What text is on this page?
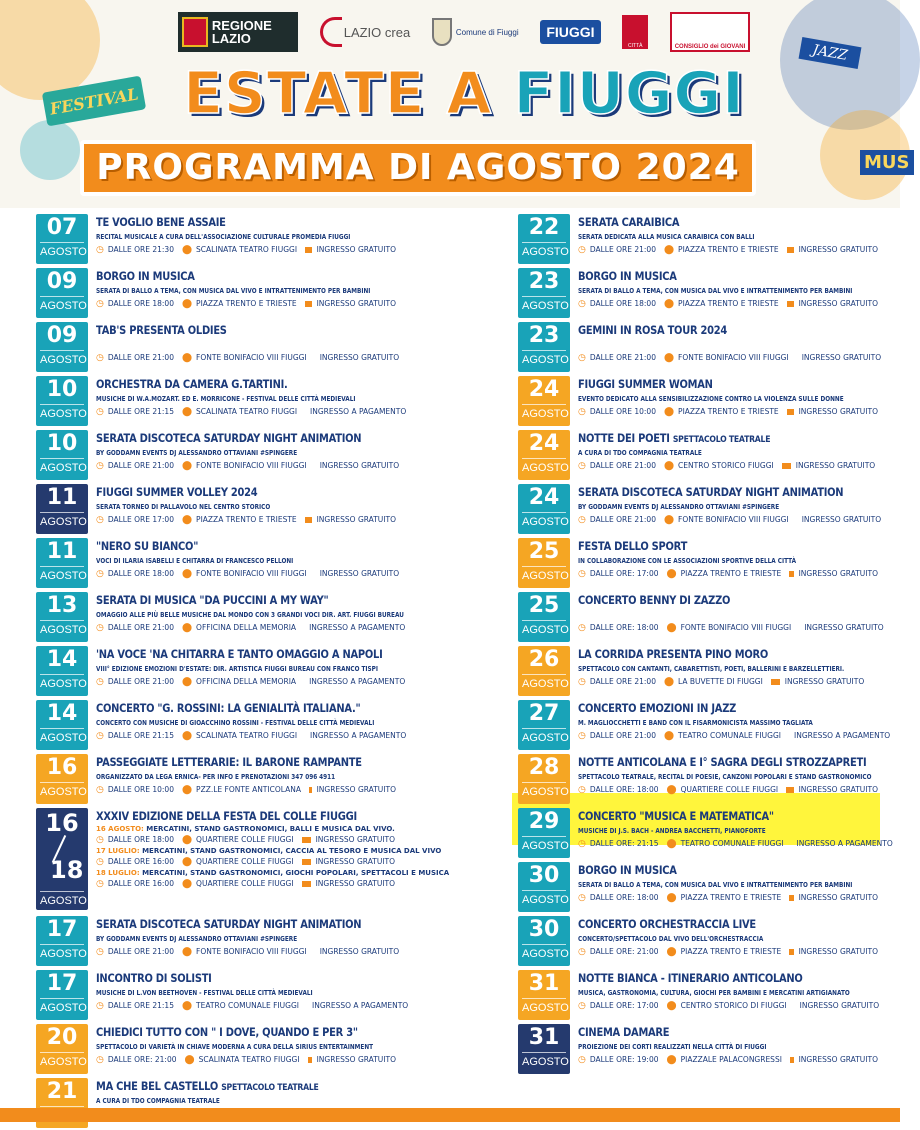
FESTIVAL
JAZZ
MUS
REGIONE LAZIO	LAZIO crea	Comune di Fiuggi	FIUGGI
CITTÀ	CONSIGLIO dei GIOVANI
ESTATE A FIUGGI
PROGRAMMA DI AGOSTO 2024
07
AGOSTO
TE VOGLIO BENE ASSAIE
RECITAL MUSICALE A CURA DELL'ASSOCIAZIONE CULTURALE PROMEDIA FIUGGI
◷ DALLE ORE 21:30 ⬤ SCALINATA TEATRO FIUGGI	INGRESSO GRATUITO
09
AGOSTO
BORGO IN MUSICA
SERATA DI BALLO A TEMA, CON MUSICA DAL VIVO E INTRATTENIMENTO PER BAMBINI
◷ DALLE ORE 18:00 ⬤ PIAZZA TRENTO E TRIESTE	INGRESSO GRATUITO
09
AGOSTO
TAB'S PRESENTA OLDIES
◷ DALLE ORE 21:00 ⬤ FONTE BONIFACIO VIII FIUGGI INGRESSO GRATUITO
10
AGOSTO
ORCHESTRA DA CAMERA G.TARTINI.
MUSICHE DI W.A.MOZART. ED E. MORRICONE - FESTIVAL DELLE CITTÀ MEDIEVALI
◷ DALLE ORE 21:15 ⬤ SCALINATA TEATRO FIUGGI INGRESSO A PAGAMENTO
10
AGOSTO
SERATA DISCOTECA SATURDAY NIGHT ANIMATION
BY GODDAMN EVENTS DJ ALESSANDRO OTTAVIANI #SPINGERE
◷ DALLE ORE 21:00 ⬤ FONTE BONIFACIO VIII FIUGGI INGRESSO GRATUITO
11
AGOSTO
FIUGGI SUMMER VOLLEY 2024
SERATA TORNEO DI PALLAVOLO NEL CENTRO STORICO
◷ DALLE ORE 17:00 ⬤ PIAZZA TRENTO E TRIESTE	INGRESSO GRATUITO
11
AGOSTO
"NERO SU BIANCO"
VOCI DI ILARIA ISABELLI E CHITARRA DI FRANCESCO PELLONI
◷ DALLE ORE 18:00 ⬤ FONTE BONIFACIO VIII FIUGGI INGRESSO GRATUITO
13
AGOSTO
SERATA DI MUSICA "DA PUCCINI A MY WAY"
OMAGGIO ALLE PIÙ BELLE MUSICHE DAL MONDO CON 3 GRANDI VOCI DIR. ART. FIUGGI BUREAU
◷ DALLE ORE 21:00 ⬤ OFFICINA DELLA MEMORIA INGRESSO A PAGAMENTO
14
AGOSTO
'NA VOCE 'NA CHITARRA E TANTO OMAGGIO A NAPOLI
VIII° EDIZIONE EMOZIONI D'ESTATE: DIR. ARTISTICA FIUGGI BUREAU CON FRANCO TISPI
◷ DALLE ORE 21:00 ⬤ OFFICINA DELLA MEMORIA INGRESSO A PAGAMENTO
14
AGOSTO
CONCERTO "G. ROSSINI: LA GENIALITÀ ITALIANA."
CONCERTO CON MUSICHE DI GIOACCHINO ROSSINI - FESTIVAL DELLE CITTÀ MEDIEVALI
◷ DALLE ORE 21:15 ⬤ SCALINATA TEATRO FIUGGI INGRESSO A PAGAMENTO
16
AGOSTO
PASSEGGIATE LETTERARIE: IL BARONE RAMPANTE
ORGANIZZATO DA LEGA ERNICA- PER INFO E PRENOTAZIONI 347 096 4911
◷ DALLE ORE 10:00 ⬤ PZZ.LE FONTE ANTICOLANA INGRESSO GRATUITO
16
18
AGOSTO
XXXIV EDIZIONE DELLA FESTA DEL COLLE FIUGGI
16 AGOSTO: MERCATINI, STAND GASTRONOMICI, BALLI E MUSICA DAL VIVO.
◷ DALLE ORE 18:00 ⬤ QUARTIERE COLLE FIUGGI	INGRESSO GRATUITO
17 LUGLIO: MERCATINI, STAND GASTRONOMICI, CACCIA AL TESORO E MUSICA DAL VIVO
◷ DALLE ORE 16:00 ⬤ QUARTIERE COLLE FIUGGI	INGRESSO GRATUITO
18 LUGLIO: MERCATINI, STAND GASTRONOMICI, GIOCHI POPOLARI, SPETTACOLI E MUSICA
◷ DALLE ORE 16:00 ⬤ QUARTIERE COLLE FIUGGI	INGRESSO GRATUITO
17
AGOSTO
SERATA DISCOTECA SATURDAY NIGHT ANIMATION
BY GODDAMN EVENTS DJ ALESSANDRO OTTAVIANI #SPINGERE
◷ DALLE ORE 21:00 ⬤ FONTE BONIFACIO VIII FIUGGI INGRESSO GRATUITO
17
AGOSTO
INCONTRO DI SOLISTI
MUSICHE DI L.VON BEETHOVEN - FESTIVAL DELLE CITTÀ MEDIEVALI
◷ DALLE ORE 21:15 ⬤ TEATRO COMUNALE FIUGGI INGRESSO A PAGAMENTO
20
AGOSTO
CHIEDICI TUTTO CON " I DOVE, QUANDO E PER 3"
SPETTACOLO DI VARIETÀ IN CHIAVE MODERNA A CURA DELLA SIRIUS ENTERTAINMENT
◷ DALLE ORE: 21:00 ⬤ SCALINATA TEATRO FIUGGI INGRESSO GRATUITO
21	MA CHE BEL CASTELLO SPETTACOLO TEATRALE
A CURA DI TDO COMPAGNIA TEATRALE
22
AGOSTO
SERATA CARAIBICA
SERATA DEDICATA ALLA MUSICA CARAIBICA CON BALLI
◷ DALLE ORE 21:00 ⬤ PIAZZA TRENTO E TRIESTE	INGRESSO GRATUITO
23
AGOSTO
BORGO IN MUSICA
SERATA DI BALLO A TEMA, CON MUSICA DAL VIVO E INTRATTENIMENTO PER BAMBINI
◷ DALLE ORE 18:00 ⬤ PIAZZA TRENTO E TRIESTE	INGRESSO GRATUITO
23
AGOSTO
GEMINI IN ROSA TOUR 2024
◷ DALLE ORE 21:00 ⬤ FONTE BONIFACIO VIII FIUGGI INGRESSO GRATUITO
24
AGOSTO
FIUGGI SUMMER WOMAN
EVENTO DEDICATO ALLA SENSIBILIZZAZIONE CONTRO LA VIOLENZA SULLE DONNE
◷ DALLE ORE 10:00 ⬤ PIAZZA TRENTO E TRIESTE	INGRESSO GRATUITO
24
AGOSTO
NOTTE DEI POETI SPETTACOLO TEATRALE
A CURA DI TDO COMPAGNIA TEATRALE
◷ DALLE ORE 21:00 ⬤ CENTRO STORICO FIUGGI	INGRESSO GRATUITO
24
AGOSTO
SERATA DISCOTECA SATURDAY NIGHT ANIMATION
BY GODDAMN EVENTS DJ ALESSANDRO OTTAVIANI #SPINGERE
◷ DALLE ORE 21:00 ⬤ FONTE BONIFACIO VIII FIUGGI INGRESSO GRATUITO
25
AGOSTO
FESTA DELLO SPORT
IN COLLABORAZIONE CON LE ASSOCIAZIONI SPORTIVE DELLA CITTÀ
◷ DALLE ORE: 17:00 ⬤ PIAZZA TRENTO E TRIESTE INGRESSO GRATUITO
25
AGOSTO
CONCERTO BENNY DI ZAZZO
◷ DALLE ORE: 18:00 ⬤ FONTE BONIFACIO VIII FIUGGI INGRESSO GRATUITO
26
AGOSTO
LA CORRIDA PRESENTA PINO MORO
SPETTACOLO CON CANTANTI, CABARETTISTI, POETI, BALLERINI E BARZELLETTIERI.
◷ DALLE ORE 21:00 ⬤ LA BUVETTE DI FIUGGI	INGRESSO GRATUITO
27
AGOSTO
CONCERTO EMOZIONI IN JAZZ
M. MAGLIOCCHETTI E BAND CON IL FISARMONICISTA MASSIMO TAGLIATA
◷ DALLE ORE 21:00 ⬤ TEATRO COMUNALE FIUGGI INGRESSO A PAGAMENTO
28
AGOSTO
NOTTE ANTICOLANA E I° SAGRA DEGLI STROZZAPRETI
SPETTACOLO TEATRALE, RECITAL DI POESIE, CANZONI POPOLARI E STAND GASTRONOMICO
◷ DALLE ORE: 18:00 ⬤ QUARTIERE COLLE FIUGGI	INGRESSO GRATUITO
29
AGOSTO
CONCERTO "MUSICA E MATEMATICA"
MUSICHE DI J.S. BACH - ANDREA BACCHETTI, PIANOFORTE
◷ DALLE ORE: 21:15 ⬤ TEATRO COMUNALE FIUGGI INGRESSO A PAGAMENTO
30
AGOSTO
BORGO IN MUSICA
SERATA DI BALLO A TEMA, CON MUSICA DAL VIVO E INTRATTENIMENTO PER BAMBINI
◷ DALLE ORE: 18:00 ⬤ PIAZZA TRENTO E TRIESTE INGRESSO GRATUITO
30
AGOSTO
CONCERTO ORCHESTRACCIA LIVE
CONCERTO/SPETTACOLO DAL VIVO DELL'ORCHESTRACCIA
◷ DALLE ORE: 21:00 ⬤ PIAZZA TRENTO E TRIESTE INGRESSO GRATUITO
31
AGOSTO
NOTTE BIANCA - ITINERARIO ANTICOLANO
MUSICA, GASTRONOMIA, CULTURA, GIOCHI PER BAMBINI E MERCATINI ARTIGIANATO
◷ DALLE ORE: 17:00 ⬤ CENTRO STORICO DI FIUGGI INGRESSO GRATUITO
31
AGOSTO
CINEMA DAMARE
PROIEZIONE DEI CORTI REALIZZATI NELLA CITTÀ DI FIUGGI
◷ DALLE ORE: 19:00 ⬤ PIAZZALE PALACONGRESSI INGRESSO GRATUITO
